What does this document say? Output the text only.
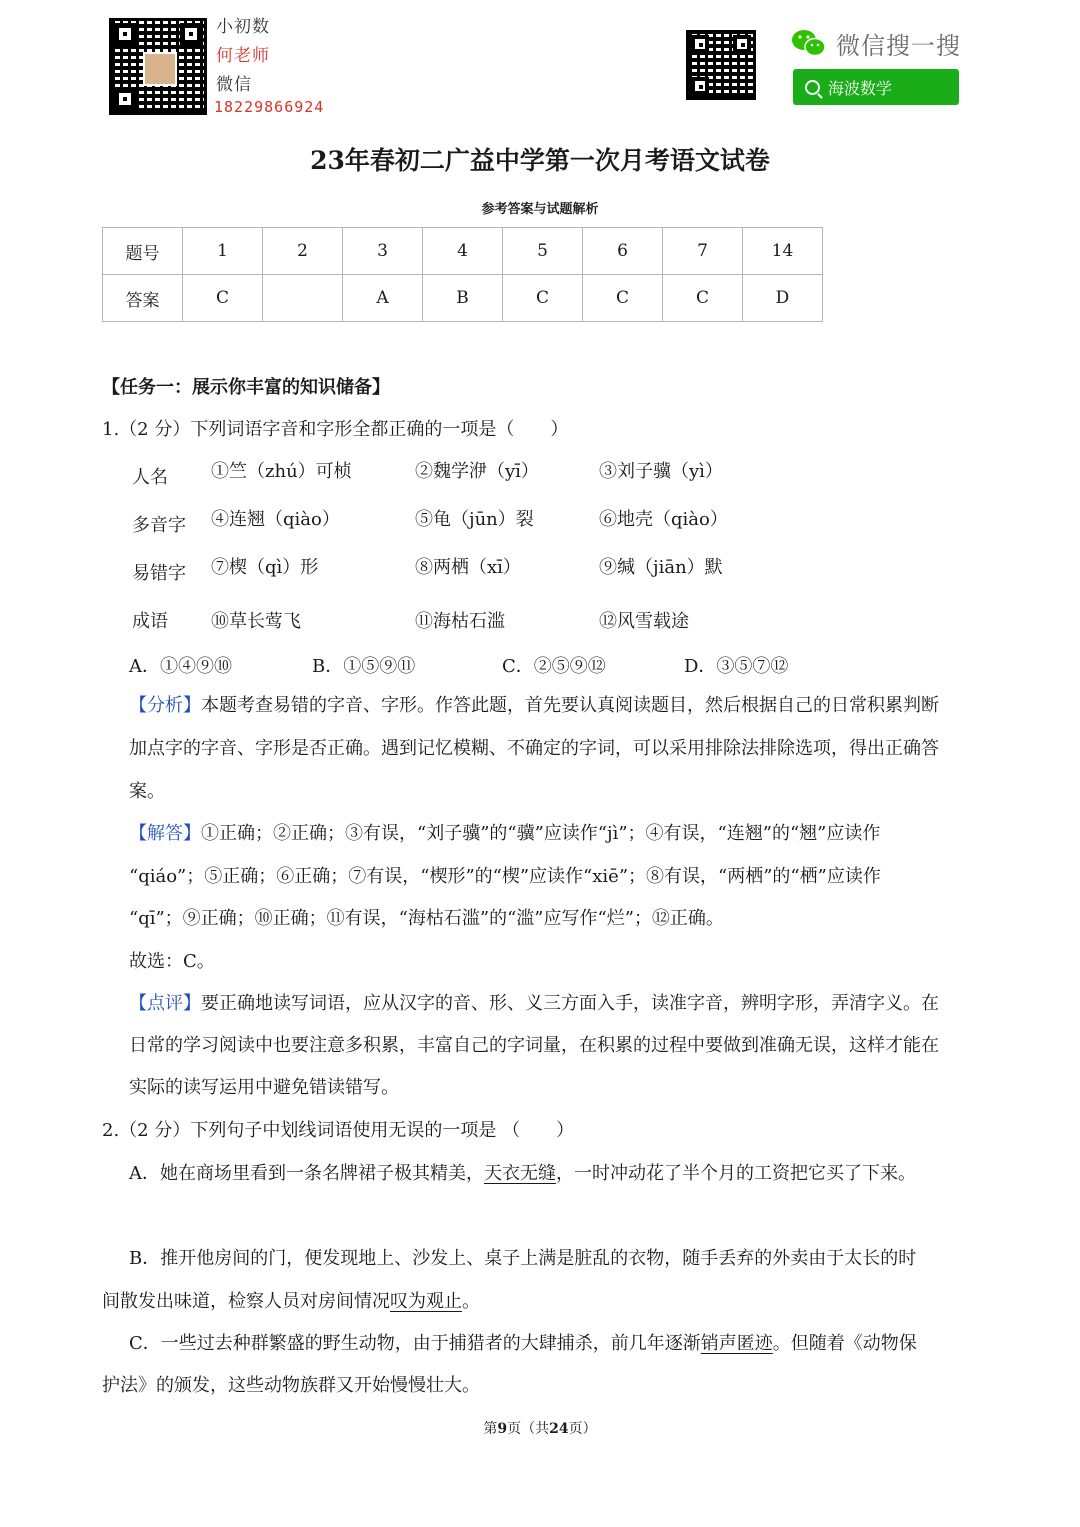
小初数
何老师
微信
18229866924
微信搜一搜
海波数学
23年春初二广益中学第一次月考语文试卷
参考答案与试题解析
题号	1	2	3	4	5	6	7	14
答案	C		A	B	C	C	C	D
【任务一：展示你丰富的知识储备】
1.（2 分）下列词语字音和字形全都正确的一项是（　　）
人名 ①竺（zhú）可桢	②魏学洢（yī）	③刘子骥（yì）
多音字 ④连翘（qiào）	⑤龟（jūn）裂	⑥地壳（qiào）
易错字 ⑦楔（qì）形	⑧两栖（xī）	⑨缄（jiān）默
成语 ⑩草长莺飞	⑪海枯石滥	⑫风雪载途
A．①④⑨⑩	B．①⑤⑨⑪	C．②⑤⑨⑫	D．③⑤⑦⑫
【分析】本题考查易错的字音、字形。作答此题，首先要认真阅读题目，然后根据自己的日常积累判断
加点字的字音、字形是否正确。遇到记忆模糊、不确定的字词，可以采用排除法排除选项，得出正确答
案。
【解答】①正确；②正确；③有误，“刘子骥”的“骥”应读作“jì”；④有误，“连翘”的“翘”应读作
“qiáo”；⑤正确；⑥正确；⑦有误，“楔形”的“楔”应读作“xiē”；⑧有误，“两栖”的“栖”应读作
“qī”；⑨正确；⑩正确；⑪有误，“海枯石滥”的“滥”应写作“烂”；⑫正确。
故选：C。
【点评】要正确地读写词语，应从汉字的音、形、义三方面入手，读准字音，辨明字形，弄清字义。在
日常的学习阅读中也要注意多积累，丰富自己的字词量，在积累的过程中要做到准确无误，这样才能在
实际的读写运用中避免错读错写。
2.（2 分）下列句子中划线词语使用无误的一项是 （　　）
A．她在商场里看到一条名牌裙子极其精美，天衣无缝，一时冲动花了半个月的工资把它买了下来。
B．推开他房间的门，便发现地上、沙发上、桌子上满是脏乱的衣物，随手丢弃的外卖由于太长的时
间散发出味道，检察人员对房间情况叹为观止。
C．一些过去种群繁盛的野生动物，由于捕猎者的大肆捕杀，前几年逐渐销声匿迹。但随着《动物保
护法》的颁发，这些动物族群又开始慢慢壮大。
第9页（共24页）
